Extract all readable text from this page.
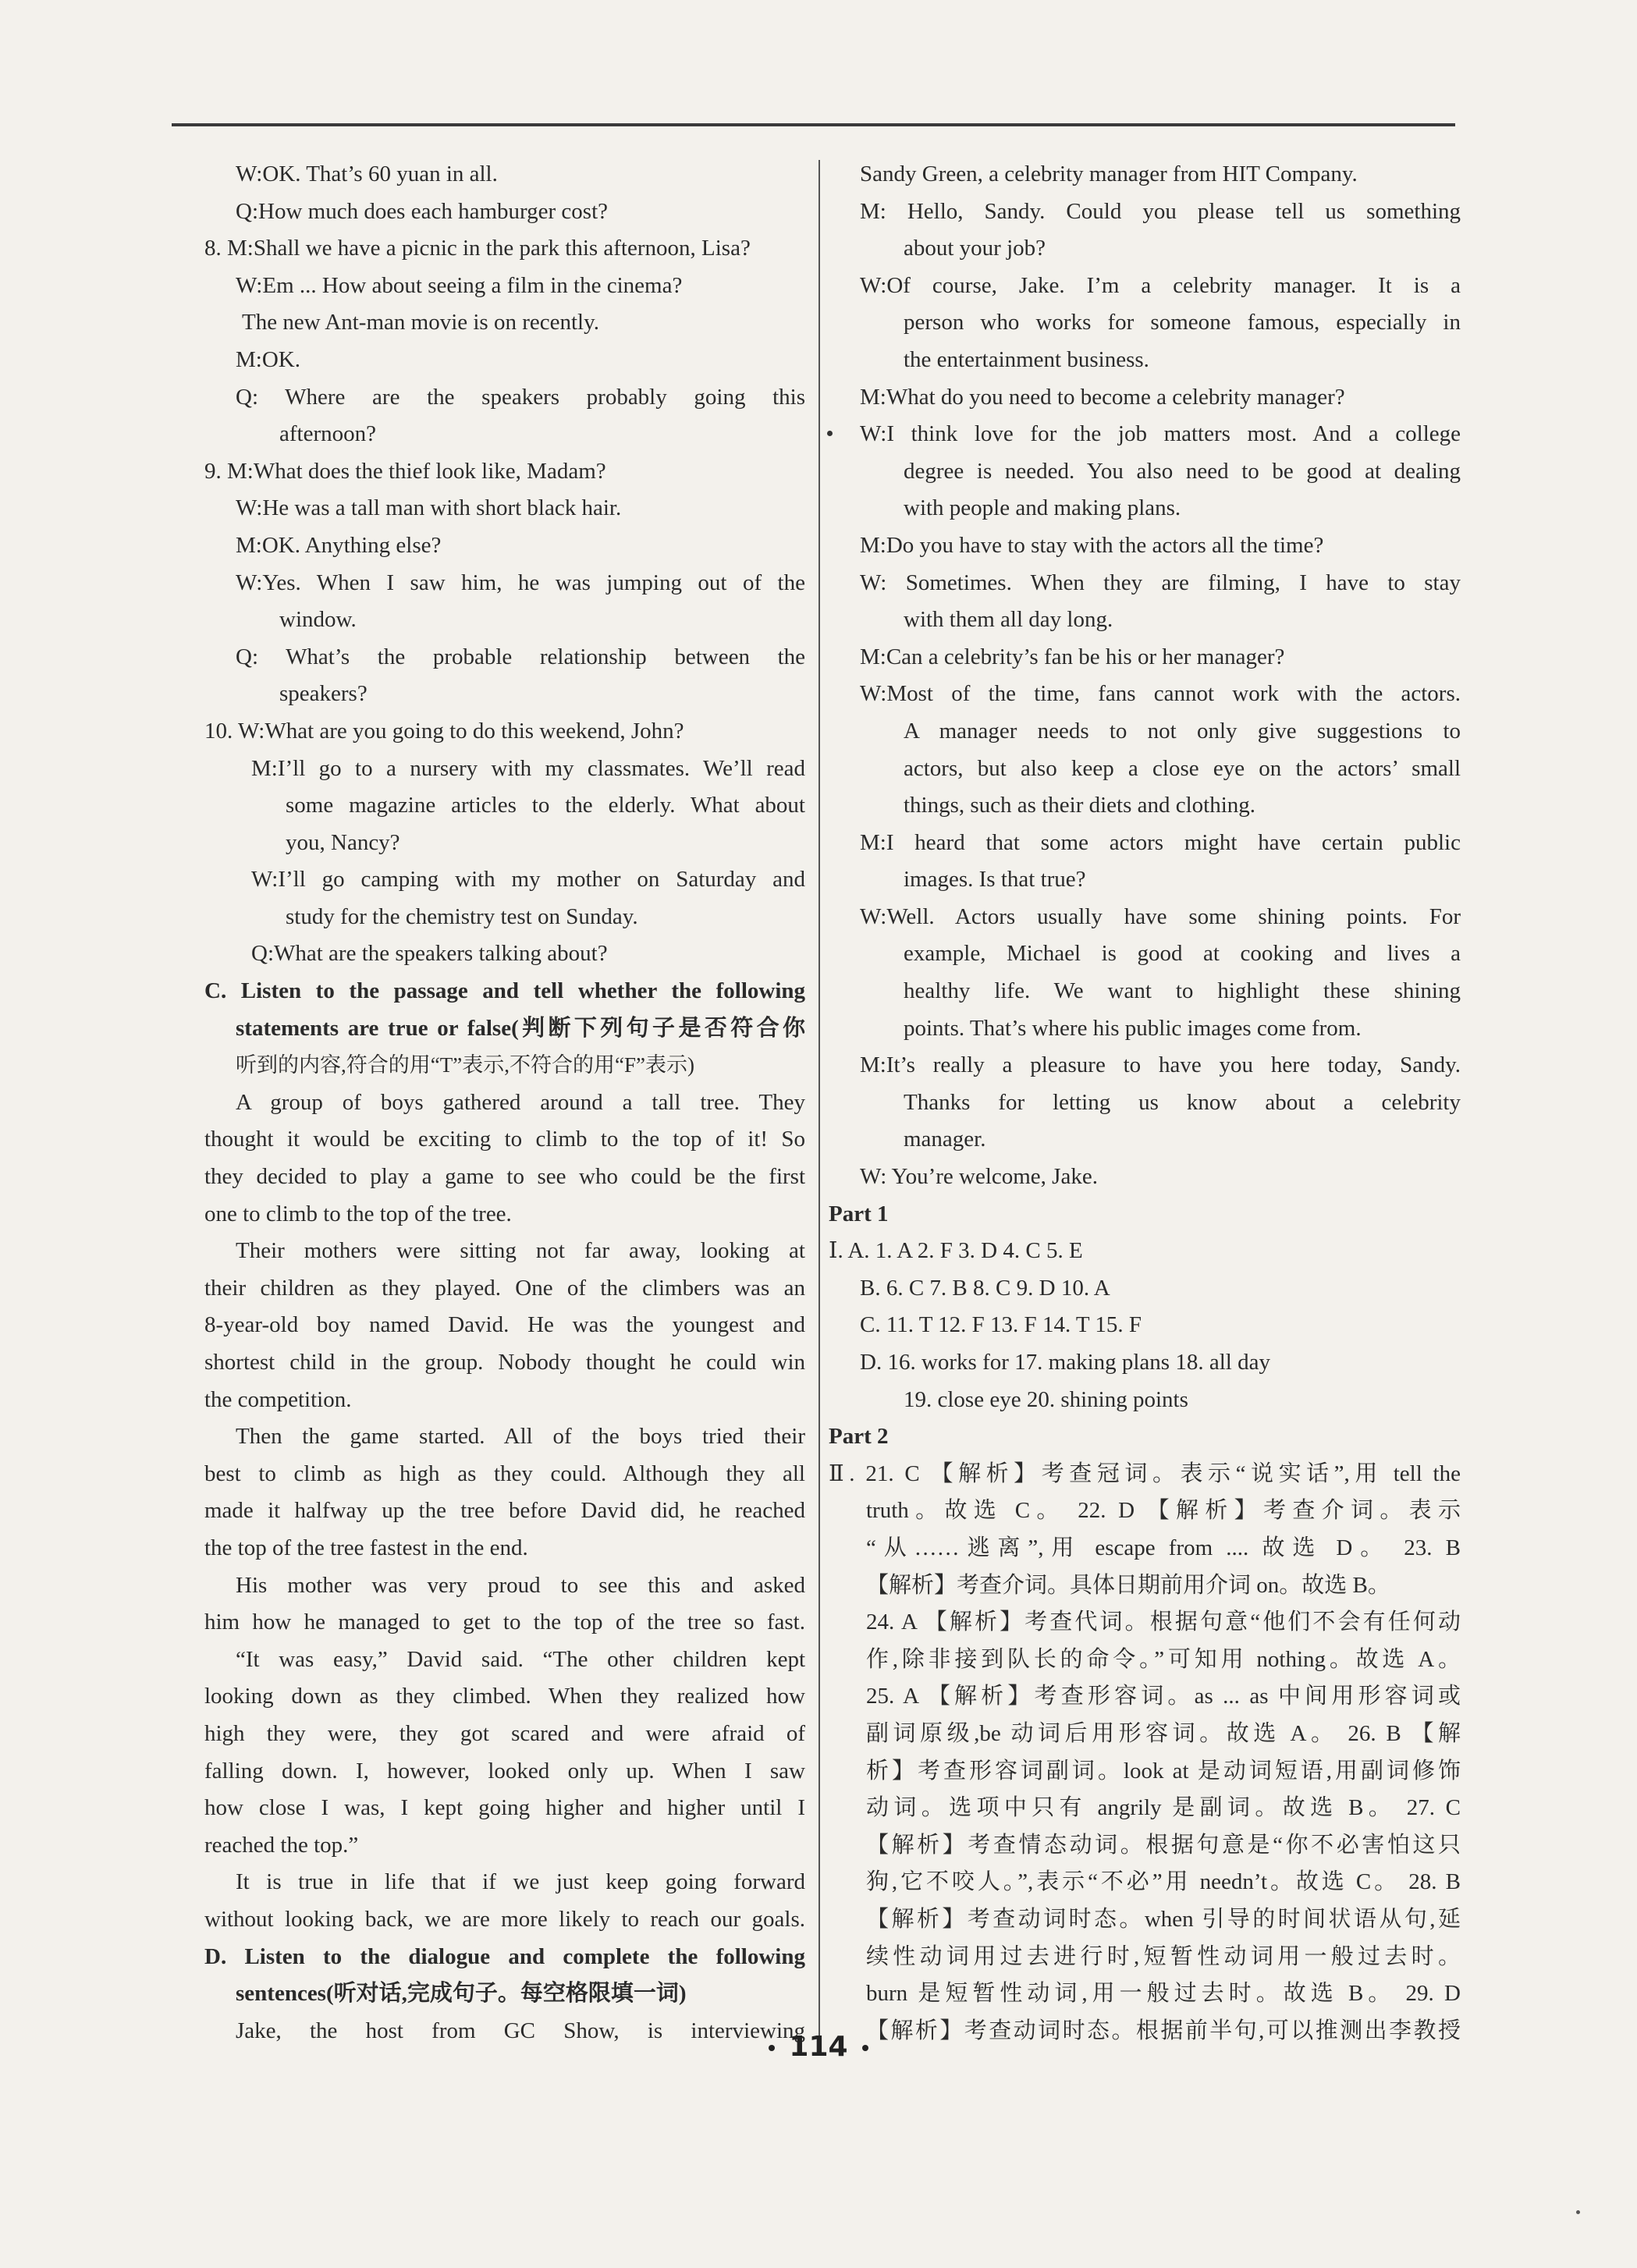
W:OK. That’s 60 yuan in all.
Q:How much does each hamburger cost?
8. M:Shall we have a picnic in the park this afternoon, Lisa?
W:Em ... How about seeing a film in the cinema?
The new Ant-man movie is on recently.
M:OK.
Q: Where are the speakers probably going this
afternoon?
9. M:What does the thief look like, Madam?
W:He was a tall man with short black hair.
M:OK. Anything else?
W:Yes. When I saw him, he was jumping out of the
window.
Q: What’s the probable relationship between the
speakers?
10. W:What are you going to do this weekend, John?
M:I’ll go to a nursery with my classmates. We’ll read
some magazine articles to the elderly. What about
you, Nancy?
W:I’ll go camping with my mother on Saturday and
study for the chemistry test on Sunday.
Q:What are the speakers talking about?
C. Listen to the passage and tell whether the following
statements are true or false(判断下列句子是否符合你
听到的内容,符合的用“T”表示,不符合的用“F”表示)
A group of boys gathered around a tall tree. They
thought it would be exciting to climb to the top of it! So
they decided to play a game to see who could be the first
one to climb to the top of the tree.
Their mothers were sitting not far away, looking at
their children as they played. One of the climbers was an
8-year-old boy named David. He was the youngest and
shortest child in the group. Nobody thought he could win
the competition.
Then the game started. All of the boys tried their
best to climb as high as they could. Although they all
made it halfway up the tree before David did, he reached
the top of the tree fastest in the end.
His mother was very proud to see this and asked
him how he managed to get to the top of the tree so fast.
“It was easy,” David said. “The other children kept
looking down as they climbed. When they realized how
high they were, they got scared and were afraid of
falling down. I, however, looked only up. When I saw
how close I was, I kept going higher and higher until I
reached the top.”
It is true in life that if we just keep going forward
without looking back, we are more likely to reach our goals.
D. Listen to the dialogue and complete the following
sentences(听对话,完成句子。每空格限填一词)
Jake, the host from GC Show, is interviewing
Sandy Green, a celebrity manager from HIT Company.
M: Hello, Sandy. Could you please tell us something
about your job?
W:Of course, Jake. I’m a celebrity manager. It is a
person who works for someone famous, especially in
the entertainment business.
M:What do you need to become a celebrity manager?
W:I think love for the job matters most. And a college
degree is needed. You also need to be good at dealing
with people and making plans.
M:Do you have to stay with the actors all the time?
W: Sometimes. When they are filming, I have to stay
with them all day long.
M:Can a celebrity’s fan be his or her manager?
W:Most of the time, fans cannot work with the actors.
A manager needs to not only give suggestions to
actors, but also keep a close eye on the actors’ small
things, such as their diets and clothing.
M:I heard that some actors might have certain public
images. Is that true?
W:Well. Actors usually have some shining points. For
example, Michael is good at cooking and lives a
healthy life. We want to highlight these shining
points. That’s where his public images come from.
M:It’s really a pleasure to have you here today, Sandy.
Thanks for letting us know about a celebrity
manager.
W: You’re welcome, Jake.
Part 1
Ⅰ. A. 1. A 2. F 3. D 4. C 5. E
B. 6. C 7. B 8. C 9. D 10. A
C. 11. T 12. F 13. F 14. T 15. F
D. 16. works for 17. making plans 18. all day
19. close eye 20. shining points
Part 2
Ⅱ. 21. C 【解析】考查冠词。表示“说实话”,用 tell the
truth。故选 C。 22. D 【解析】考查介词。表示
“从……逃离”,用 escape from .... 故选 D。 23. B
【解析】考查介词。具体日期前用介词 on。故选 B。
24. A 【解析】考查代词。根据句意“他们不会有任何动
作,除非接到队长的命令。”可知用 nothing。故选 A。
25. A 【解析】考查形容词。as ... as 中间用形容词或
副词原级,be 动词后用形容词。故选 A。 26. B 【解
析】考查形容词副词。look at 是动词短语,用副词修饰
动词。选项中只有 angrily 是副词。故选 B。 27. C
【解析】考查情态动词。根据句意是“你不必害怕这只
狗,它不咬人。”,表示“不必”用 needn’t。故选 C。 28. B
【解析】考查动词时态。when 引导的时间状语从句,延
续性动词用过去进行时,短暂性动词用一般过去时。
burn 是短暂性动词,用一般过去时。故选 B。 29. D
【解析】考查动词时态。根据前半句,可以推测出李教授
114
